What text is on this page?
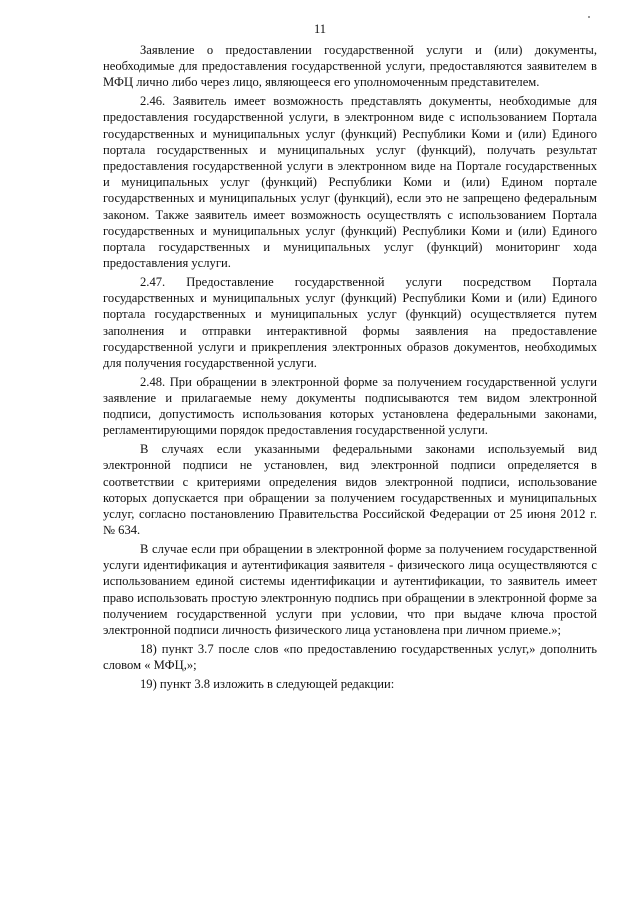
11

Заявление о предоставлении государственной услуги и (или) документы, необходимые для предоставления государственной услуги, предоставляются заявителем в МФЦ лично либо через лицо, являющееся его уполномоченным представителем.

2.46. Заявитель имеет возможность представлять документы, необходимые для предоставления государственной услуги, в электронном виде с использованием Портала государственных и муниципальных услуг (функций) Республики Коми и (или) Единого портала государственных и муниципальных услуг (функций), получать результат предоставления государственной услуги в электронном виде на Портале государственных и муниципальных услуг (функций) Республики Коми и (или) Едином портале государственных и муниципальных услуг (функций), если это не запрещено федеральным законом. Также заявитель имеет возможность осуществлять с использованием Портала государственных и муниципальных услуг (функций) Республики Коми и (или) Единого портала государственных и муниципальных услуг (функций) мониторинг хода предоставления услуги.

2.47. Предоставление государственной услуги посредством Портала государственных и муниципальных услуг (функций) Республики Коми и (или) Единого портала государственных и муниципальных услуг (функций) осуществляется путем заполнения и отправки интерактивной формы заявления на предоставление государственной услуги и прикрепления электронных образов документов, необходимых для получения государственной услуги.

2.48. При обращении в электронной форме за получением государственной услуги заявление и прилагаемые нему документы подписываются тем видом электронной подписи, допустимость использования которых установлена федеральными законами, регламентирующими порядок предоставления государственной услуги.

В случаях если указанными федеральными законами используемый вид электронной подписи не установлен, вид электронной подписи определяется в соответствии с критериями определения видов электронной подписи, использование которых допускается при обращении за получением государственных и муниципальных услуг, согласно постановлению Правительства Российской Федерации от 25 июня 2012 г. № 634.

В случае если при обращении в электронной форме за получением государственной услуги идентификация и аутентификация заявителя - физического лица осуществляются с использованием единой системы идентификации и аутентификации, то заявитель имеет право использовать простую электронную подпись при обращении в электронной форме за получением государственной услуги при условии, что при выдаче ключа простой электронной подписи личность физического лица установлена при личном приеме.»;

18) пункт 3.7 после слов «по предоставлению государственных услуг,» дополнить словом « МФЦ,»;

19) пункт 3.8 изложить в следующей редакции:
